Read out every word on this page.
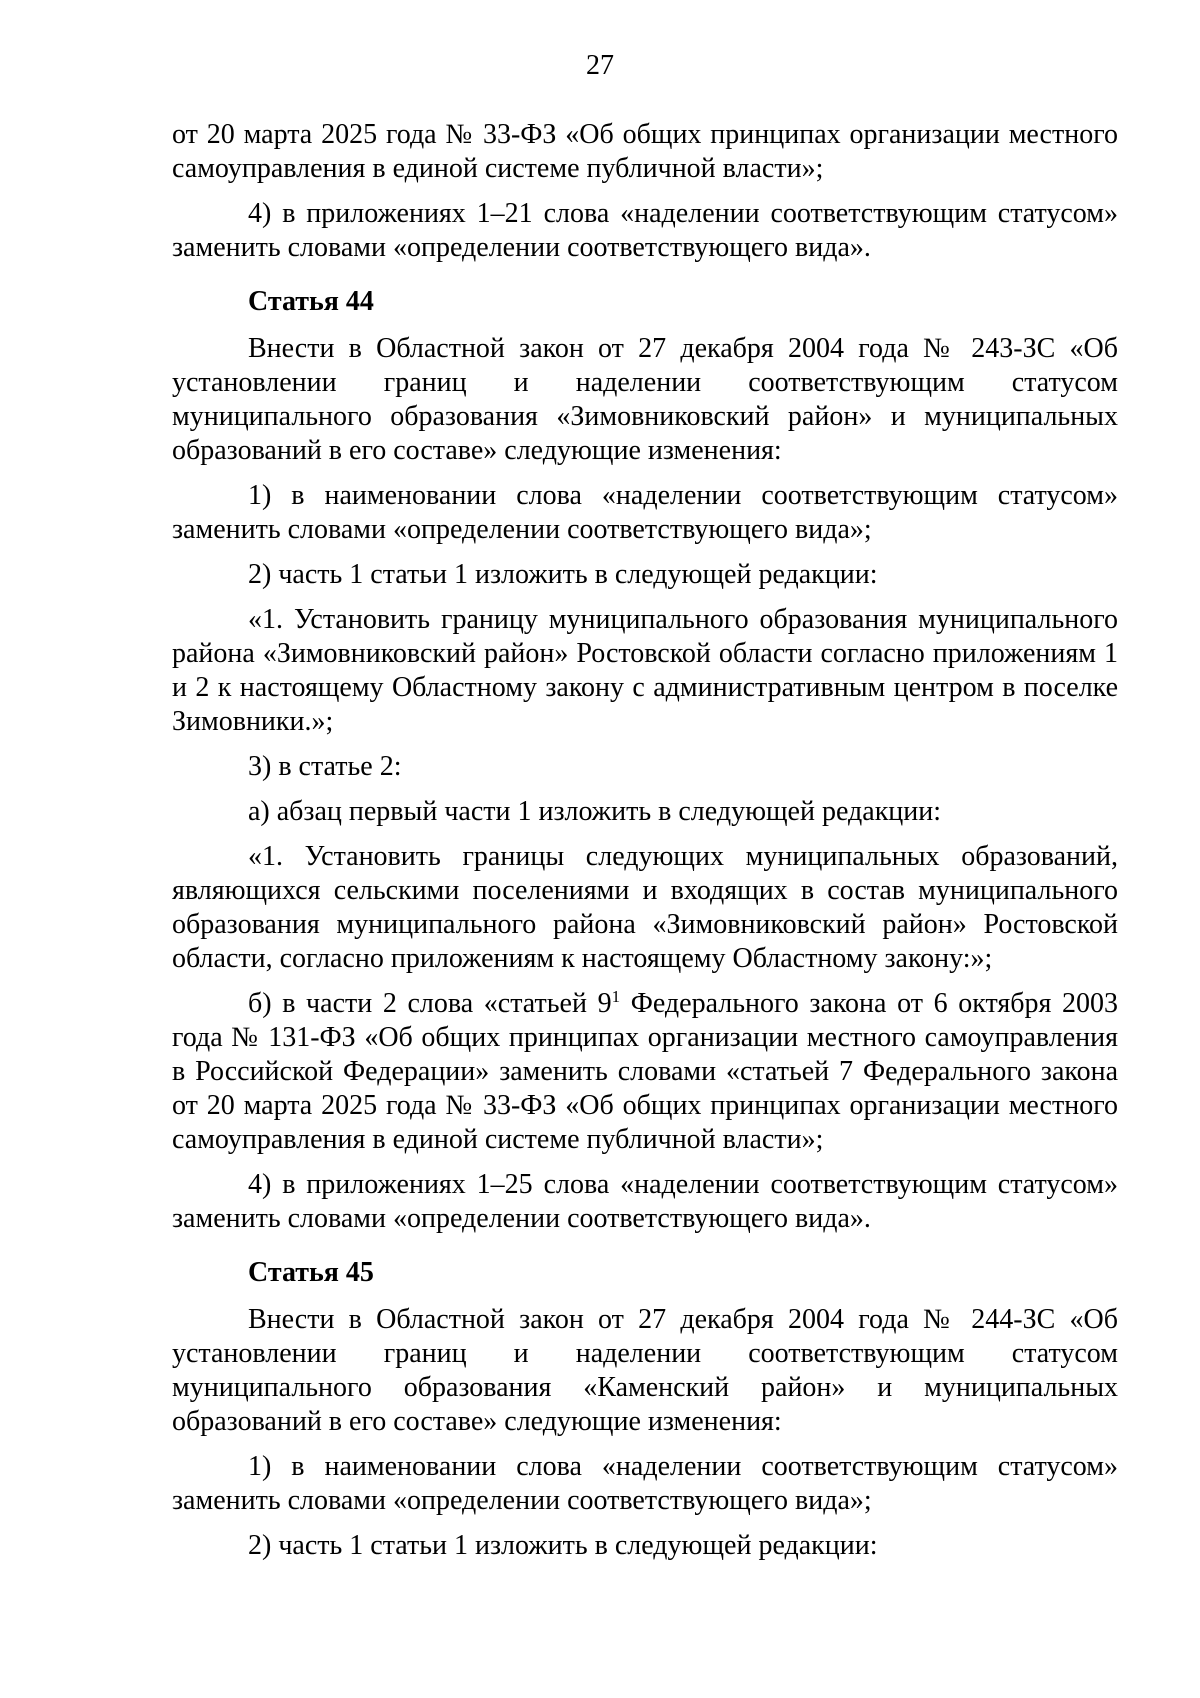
27

от 20 марта 2025 года № 33-ФЗ «Об общих принципах организации местного самоуправления в единой системе публичной власти»;

4) в приложениях 1–21 слова «наделении соответствующим статусом» заменить словами «определении соответствующего вида».

Статья 44

Внести в Областной закон от 27 декабря 2004 года № 243-ЗС «Об установлении границ и наделении соответствующим статусом муниципального образования «Зимовниковский район» и муниципальных образований в его составе» следующие изменения:

1) в наименовании слова «наделении соответствующим статусом» заменить словами «определении соответствующего вида»;

2) часть 1 статьи 1 изложить в следующей редакции:

«1. Установить границу муниципального образования муниципального района «Зимовниковский район» Ростовской области согласно приложениям 1 и 2 к настоящему Областному закону с административным центром в поселке Зимовники.»;

3) в статье 2:

а) абзац первый части 1 изложить в следующей редакции:

«1. Установить границы следующих муниципальных образований, являющихся сельскими поселениями и входящих в состав муниципального образования муниципального района «Зимовниковский район» Ростовской области, согласно приложениям к настоящему Областному закону:»;

б) в части 2 слова «статьей $9^1$ Федерального закона от 6 октября 2003 года № 131-ФЗ «Об общих принципах организации местного самоуправления в Российской Федерации» заменить словами «статьей 7 Федерального закона от 20 марта 2025 года № 33-ФЗ «Об общих принципах организации местного самоуправления в единой системе публичной власти»;

4) в приложениях 1–25 слова «наделении соответствующим статусом» заменить словами «определении соответствующего вида».

Статья 45

Внести в Областной закон от 27 декабря 2004 года № 244-ЗС «Об установлении границ и наделении соответствующим статусом муниципального образования «Каменский район» и муниципальных образований в его составе» следующие изменения:

1) в наименовании слова «наделении соответствующим статусом» заменить словами «определении соответствующего вида»;

2) часть 1 статьи 1 изложить в следующей редакции:
